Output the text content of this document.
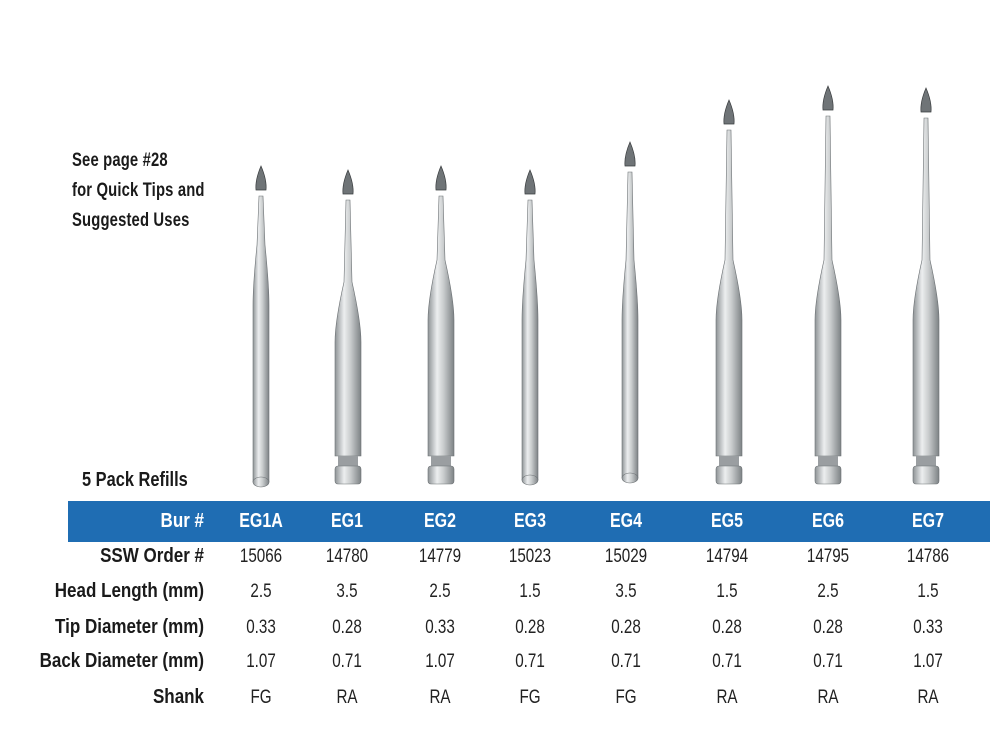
See page #28
for Quick Tips and
Suggested Uses
5 Pack Refills
Bur #	EG1A	EG1	EG2	EG3	EG4	EG5	EG6	EG7
SSW Order #	15066	14780	14779	15023	15029	14794	14795	14786
Head Length (mm)	2.5	3.5	2.5	1.5	3.5	1.5	2.5	1.5
Tip Diameter (mm)	0.33	0.28	0.33	0.28	0.28	0.28	0.28	0.33
Back Diameter (mm)	1.07	0.71	1.07	0.71	0.71	0.71	0.71	1.07
Shank	FG	RA	RA	FG	FG	RA	RA	RA
